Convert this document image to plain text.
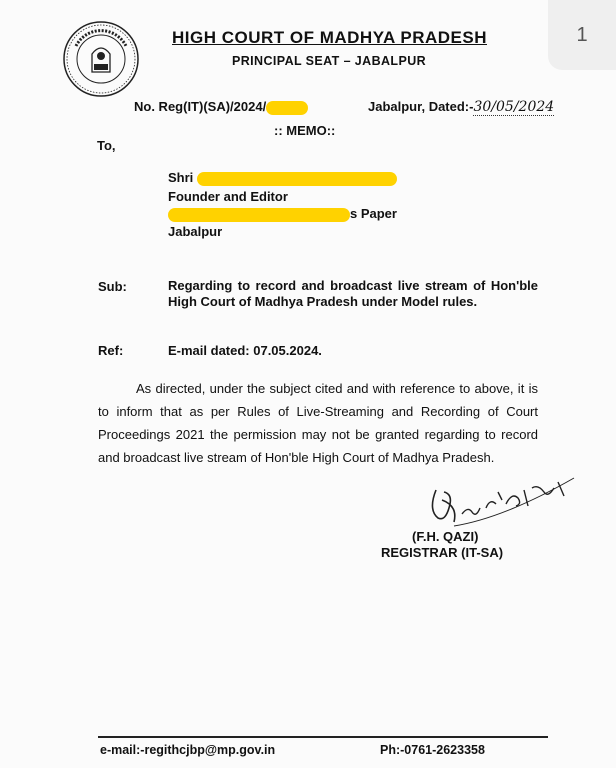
1
HIGH COURT OF MADHYA PRADESH
PRINCIPAL SEAT – JABALPUR
No. Reg(IT)(SA)/2024/	Jabalpur, Dated:-30/05/2024
:: MEMO::
To,
Shri
Founder and Editor
s Paper
Jabalpur
Sub:	Regarding to record and broadcast live stream of Hon'ble High Court of Madhya Pradesh under Model rules.
Ref:	E-mail dated: 07.05.2024.
As directed, under the subject cited and with reference to above, it is to inform that as per Rules of Live-Streaming and Recording of Court Proceedings 2021 the permission may not be granted regarding to record and broadcast live stream of Hon'ble High Court of Madhya Pradesh.
(F.H. QAZI)
REGISTRAR (IT-SA)
e-mail:-regithcjbp@mp.gov.in	Ph:-0761-2623358
